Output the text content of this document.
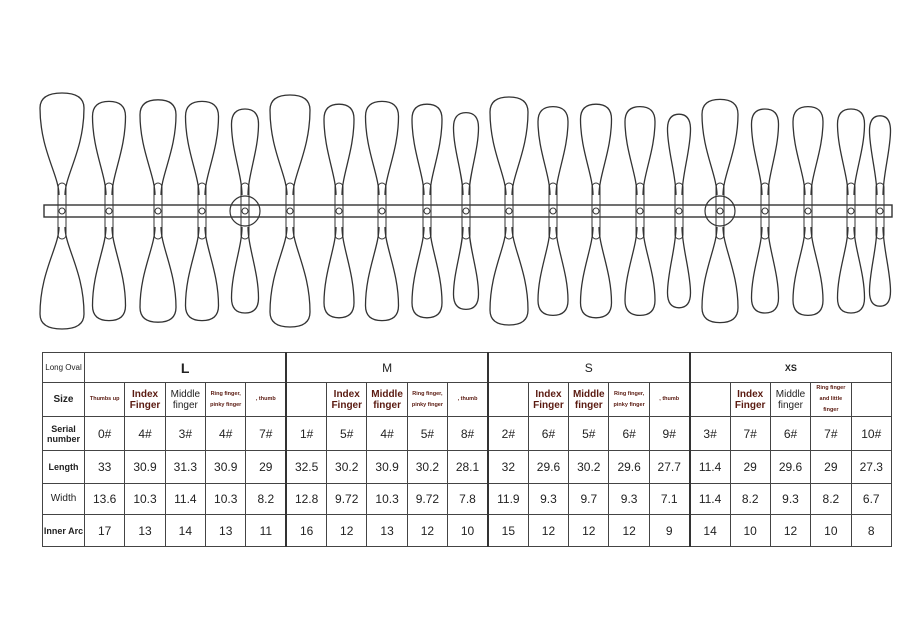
Long Oval	L					M					S					XS				
Size	Thumbs up	Index Finger	Middle finger	Ring finger, pinky finger	, thumb		Index Finger	Middle finger	Ring finger, pinky finger	, thumb		Index Finger	Middle finger	Ring finger, pinky finger	, thumb		Index Finger	Middle finger	Ring finger and little finger	
Serial number	0#	4#	3#	4#	7#	1#	5#	4#	5#	8#	2#	6#	5#	6#	9#	3#	7#	6#	7#	10#
Length	33	30.9	31.3	30.9	29	32.5	30.2	30.9	30.2	28.1	32	29.6	30.2	29.6	27.7	11.4	29	29.6	29	27.3
Width	13.6	10.3	11.4	10.3	8.2	12.8	9.72	10.3	9.72	7.8	11.9	9.3	9.7	9.3	7.1	11.4	8.2	9.3	8.2	6.7
Inner Arc	17	13	14	13	11	16	12	13	12	10	15	12	12	12	9	14	10	12	10	8
